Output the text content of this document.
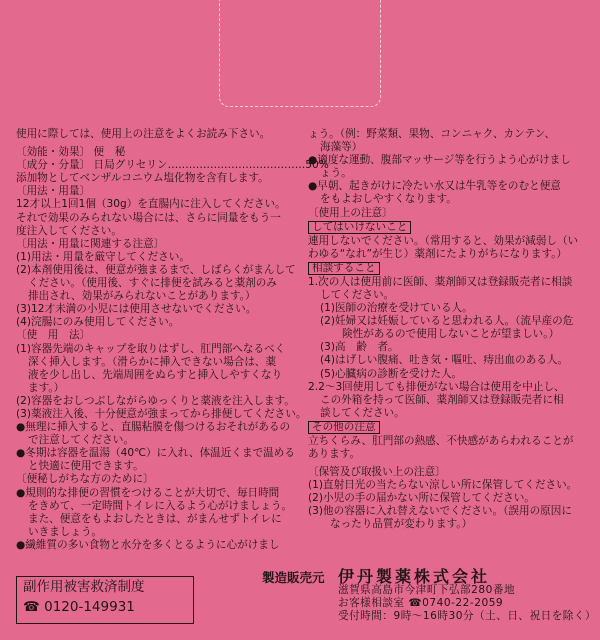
使用に際しては、使用上の注意をよくお読み下さい。

〔効能・効果〕 便　秘

〔成分・分量〕 日局グリセリン…………………………………50%

添加物としてベンザルコニウム塩化物を含有します。

〔用法・用量〕

12才以上1回1個（30g）を直腸内に注入してください。

それで効果のみられない場合には、さらに同量をもう一

度注入してください。

〔用法・用量に関連する注意〕

(1)用法・用量を厳守してください。

(2)本剤使用後は、便意が強まるまで、しばらくがまんして

ください。（使用後、すぐに排便を試みると薬剤のみ

排出され、効果がみられないことがあります。）

(3)12才未満の小児には使用させないでください。

(4)浣腸にのみ使用してください。

〔使　用　法〕

(1)容器先端のキャップを取りはずし、肛門部へなるべく

深く挿入します。（滑らかに挿入できない場合は、薬

液を少し出し、先端周囲をぬらすと挿入しやすくなり

ます。）

(2)容器をおしつぶしながらゆっくりと薬液を注入します。

(3)薬液注入後、十分便意が強まってから排便してください。

●無理に挿入すると、直腸粘膜を傷つけるおそれがあるの

で注意してください。

●冬期は容器を温湯（40℃）に入れ、体温近くまで温める

と快適に使用できます。

〔便秘しがちな方のために〕

●規則的な排便の習慣をつけることが大切で、毎日時間

をきめて、一定時間トイレに入るよう心がけましょう。

また、便意をもよおしたときは、がまんせずトイレに

いきましょう。

●繊維質の多い食物と水分を多くとるように心がけまし

ょう。（例：野菜類、果物、コンニャク、カンテン、

海藻等）

●適度な運動、腹部マッサージ等を行うよう心がけまし

ょう。

●早朝、起きがけに冷たい水又は牛乳等をのむと便意

をもよおしやすくなります。

〔使用上の注意〕

してはいけないこと

連用しないでください。（常用すると、効果が減弱し（い

わゆる“なれ”が生じ）薬剤にたよりがちになります。）

相談すること

1.次の人は使用前に医師、薬剤師又は登録販売者に相談

してください。

(1)医師の治療を受けている人。

(2)妊婦又は妊娠していると思われる人。（流早産の危

険性があるので使用しないことが望ましい。）

(3)高　齢　者。

(4)はげしい腹痛、吐き気・嘔吐、痔出血のある人。

(5)心臓病の診断を受けた人。

2.2～3回使用しても排便がない場合は使用を中止し、

この外箱を持って医師、薬剤師又は登録販売者に相

談してください。

その他の注意

立ちくらみ、肛門部の熱感、不快感があらわれることが

あります。

〔保管及び取扱い上の注意〕

(1)直射日光の当たらない涼しい所に保管してください。

(2)小児の手の届かない所に保管してください。

(3)他の容器に入れ替えないでください。（誤用の原因に

なったり品質が変わります。）

副作用被害救済制度

☎ 0120-149931

製造販売元 伊丹製薬株式会社

滋賀県高島市今津町下弘部280番地

お客様相談室 ☎0740-22-2059

受付時間：9時～16時30分（土、日、祝日を除く）
